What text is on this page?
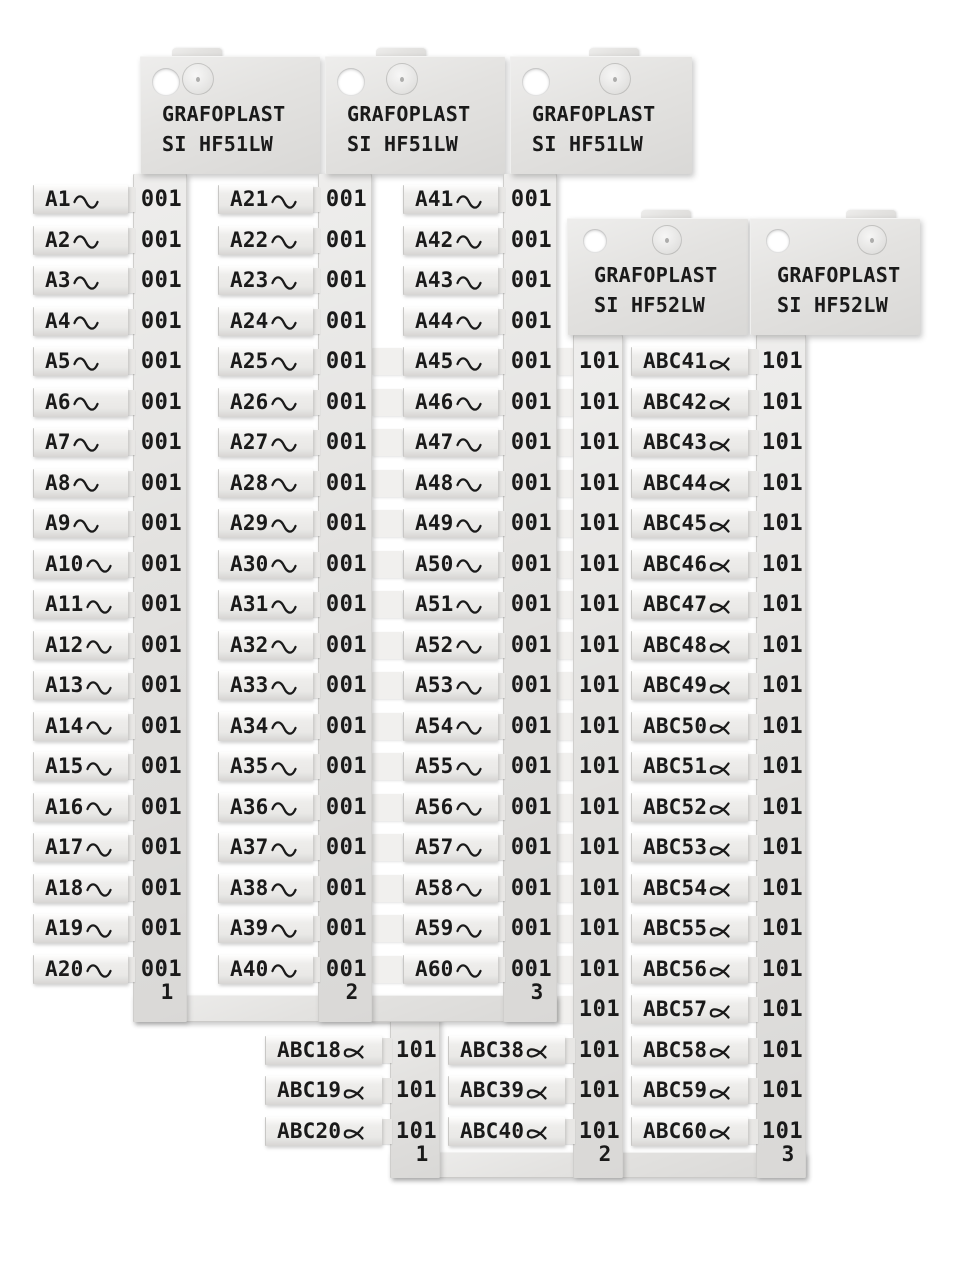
101
101
101
ABC18
ABC19
ABC20
1
101
101
101
101
101
101
101
101
101
101
101
101
101
101
101
101
101
101
101
101
ABC38
ABC39
ABC40
2
GRAFOPLAST
SI HF52LW
101
101
101
101
101
101
101
101
101
101
101
101
101
101
101
101
101
101
101
101
ABC41
ABC42
ABC43
ABC44
ABC45
ABC46
ABC47
ABC48
ABC49
ABC50
ABC51
ABC52
ABC53
ABC54
ABC55
ABC56
ABC57
ABC58
ABC59
ABC60
3
GRAFOPLAST
SI HF52LW
001
001
001
001
001
001
001
001
001
001
001
001
001
001
001
001
001
001
001
001
A1
A2
A3
A4
A5
A6
A7
A8
A9
A10
A11
A12
A13
A14
A15
A16
A17
A18
A19
A20
1
GRAFOPLAST
SI HF51LW
001
001
001
001
001
001
001
001
001
001
001
001
001
001
001
001
001
001
001
001
A21
A22
A23
A24
A25
A26
A27
A28
A29
A30
A31
A32
A33
A34
A35
A36
A37
A38
A39
A40
2
GRAFOPLAST
SI HF51LW
001
001
001
001
001
001
001
001
001
001
001
001
001
001
001
001
001
001
001
001
A41
A42
A43
A44
A45
A46
A47
A48
A49
A50
A51
A52
A53
A54
A55
A56
A57
A58
A59
A60
3
GRAFOPLAST
SI HF51LW
